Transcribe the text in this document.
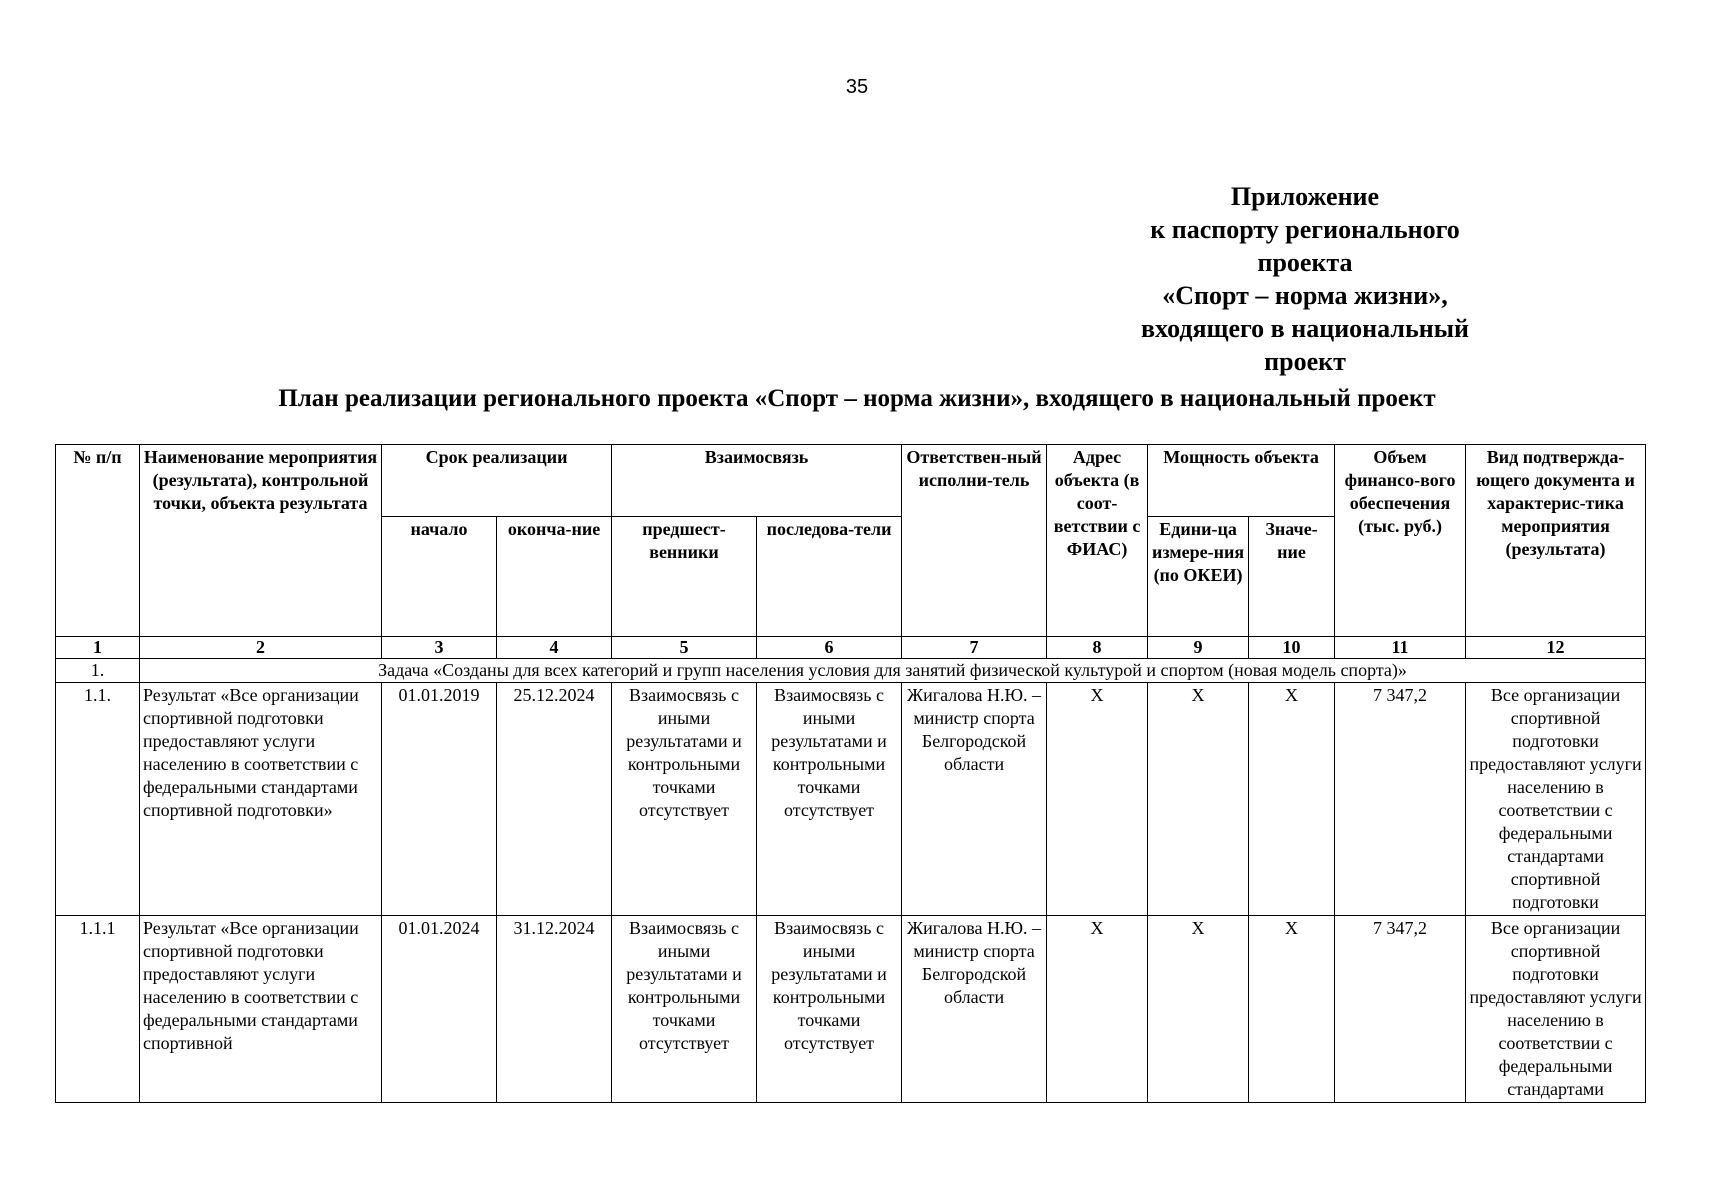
35
Приложение
к паспорту регионального проекта
«Спорт – норма жизни»,
входящего в национальный проект
План реализации регионального проекта «Спорт – норма жизни», входящего в национальный проект
№ п/п	Наименование мероприятия (результата), контрольной точки, объекта результата	Срок реализации		Взаимосвязь		Ответствен-ный исполни-тель	Адрес объекта (в соот-ветствии с ФИАС)	Мощность объекта		Объем финансо-вого обеспечения (тыс. руб.)	Вид подтвержда-ющего документа и характерис-тика мероприятия (результата)
		начало	оконча-ние	предшест-венники	последова-тели			Едини-ца измере-ния (по ОКЕИ)	Значе-ние		
1	2	3	4	5	6	7	8	9	10	11	12
1.	Задача «Созданы для всех категорий и групп населения условия для занятий физической культурой и спортом (новая модель спорта)»										
1.1.	Результат «Все организации спортивной подготовки предоставляют услуги населению в соответствии с федеральными стандартами спортивной подготовки»	01.01.2019	25.12.2024	Взаимосвязь с иными результатами и контрольными точками отсутствует	Взаимосвязь с иными результатами и контрольными точками отсутствует	Жигалова Н.Ю. – министр спорта Белгородской области	Х	Х	Х	7 347,2	Все организации спортивной подготовки предоставляют услуги населению в соответствии с федеральными стандартами спортивной подготовки
1.1.1	Результат «Все организации спортивной подготовки предоставляют услуги населению в соответствии с федеральными стандартами спортивной	01.01.2024	31.12.2024	Взаимосвязь с иными результатами и контрольными точками отсутствует	Взаимосвязь с иными результатами и контрольными точками отсутствует	Жигалова Н.Ю. – министр спорта Белгородской области	Х	Х	Х	7 347,2	Все организации спортивной подготовки предоставляют услуги населению в соответствии с федеральными стандартами
